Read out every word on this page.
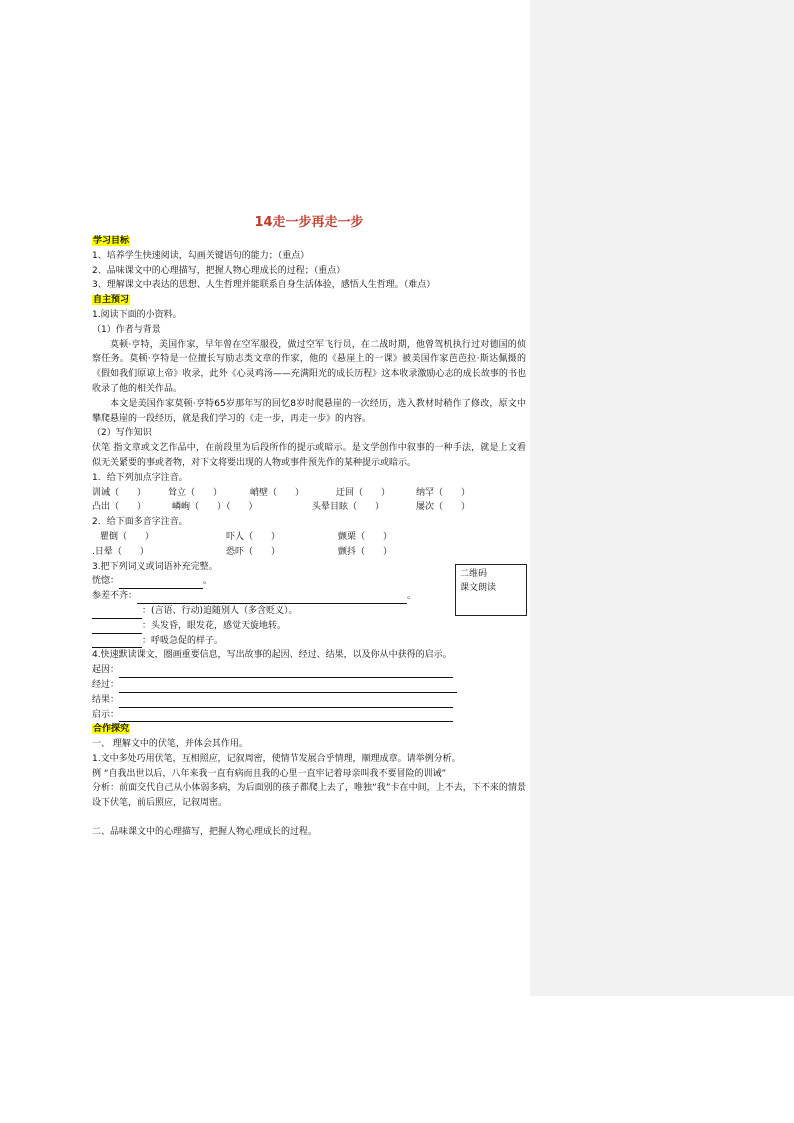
14走一步再走一步
学习目标
1、培养学生快速阅读，勾画关键语句的能力；（重点）
2、品味课文中的心理描写，把握人物心理成长的过程；（重点）
3、理解课文中表达的思想、人生哲理并能联系自身生活体验，感悟人生哲理。（难点）
自主预习
1.阅读下面的小资料。
（1）作者与背景
莫顿·亨特，美国作家，早年曾在空军服役，做过空军飞行员，在二战时期，他曾驾机执行过对德国的侦察任务。莫顿·亨特是一位擅长写励志类文章的作家，他的《悬崖上的一课》被美国作家芭芭拉·斯达佩摄的《假如我们原谅上帝》收录，此外《心灵鸡汤——充满阳光的成长历程》这本收录激励心志的成长故事的书也收录了他的相关作品。
本文是美国作家莫顿·亨特65岁那年写的回忆8岁时爬悬崖的一次经历，选入教材时稍作了修改，原文中攀爬悬崖的一段经历，就是我们学习的《走一步，再走一步》的内容。
（2）写作知识
伏笔 指文章或文艺作品中，在前段里为后段所作的提示或暗示。是文学创作中叙事的一种手法，就是上文看似无关紧要的事或者物，对下文将要出现的人物或事件预先作的某种提示或暗示。
1．给下列加点字注音。
训诫（　　）	耸立（　　）	峭壁（　　）	迂回（　　）	纳罕（　　）
凸出（　　）	嶙峋（　　）（　　）	头晕目眩（　　）	屡次（　　）
2．给下面多音字注音。
瞿倒（　　）	吓人（　　）	颤栗（　　）
.日晕（　　）	恐吓（　　）	颤抖（　　）
3.把下列词义或词语补充完整。
恍惚：	。
参差不齐：	。
：(言语、行动)追随别人（多含贬义）。
：头发昏，眼发花，感觉天旋地转。
：呼吸急促的样子。
4.快速默读课文，圈画重要信息，写出故事的起因、经过、结果，以及你从中获得的启示。
起因：
经过：
结果：
启示：
合作探究
一、 理解文中的伏笔，并体会其作用。
1.文中多处巧用伏笔，互相照应，记叙周密，使情节发展合乎情理，顺理成章。请举例分析。
例 “自我出世以后，八年来我一直有病而且我的心里一直牢记着母亲叫我不要冒险的训诫”
分析：前面交代自己从小体弱多病，为后面别的孩子都爬上去了，唯独“我”卡在中间，上不去，下不来的情景设下伏笔，前后照应，记叙周密。
二、品味课文中的心理描写，把握人物心理成长的过程。
二维码
课文朗读
